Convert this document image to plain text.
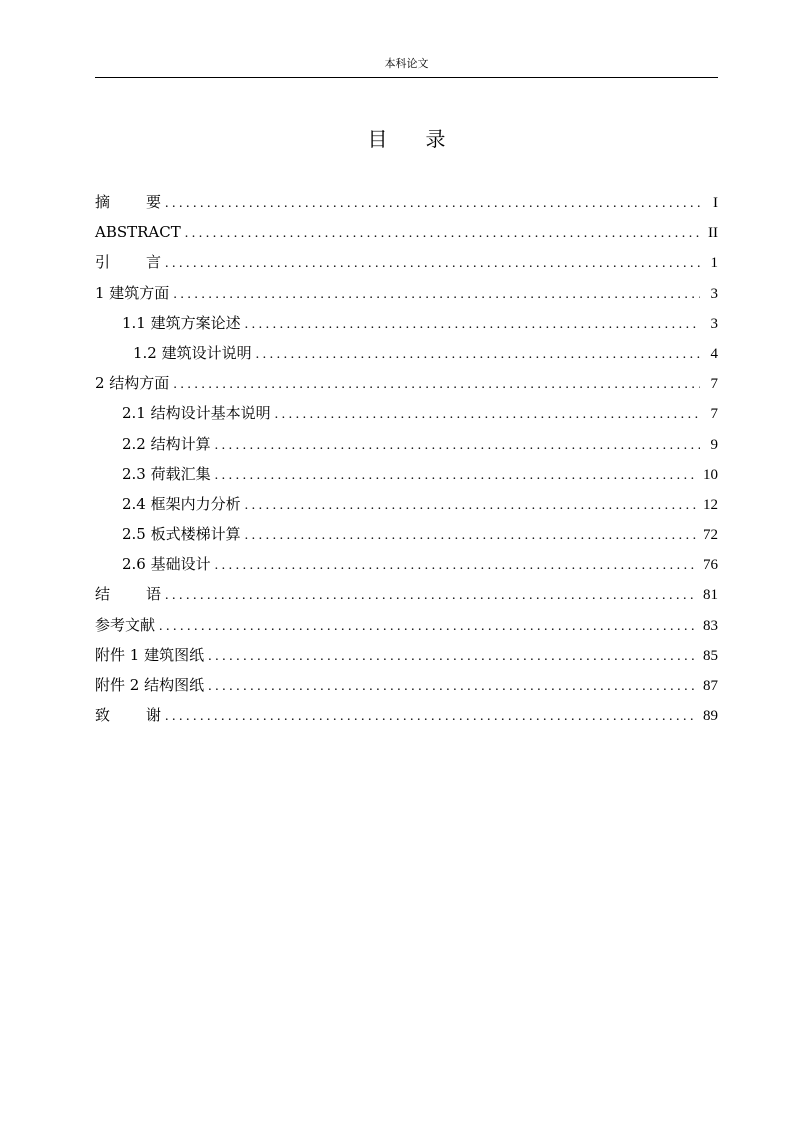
本科论文
目录
摘要 . . .	I
ABSTRACT . . .	II
引言 . . .	1
1 建筑方面 . . .	3
1.1 建筑方案论述 . . .	3
1.2 建筑设计说明 . . .	4
2 结构方面 . . .	7
2.1 结构设计基本说明 . . .	7
2.2 结构计算 . . .	9
2.3 荷载汇集 . . .	10
2.4 框架内力分析 . . .	12
2.5 板式楼梯计算 . . .	72
2.6 基础设计 . . .	76
结语 . . .	81
参考文献 . . .	83
附件 1 建筑图纸 . . .	85
附件 2 结构图纸 . . .	87
致谢 . . .	89
